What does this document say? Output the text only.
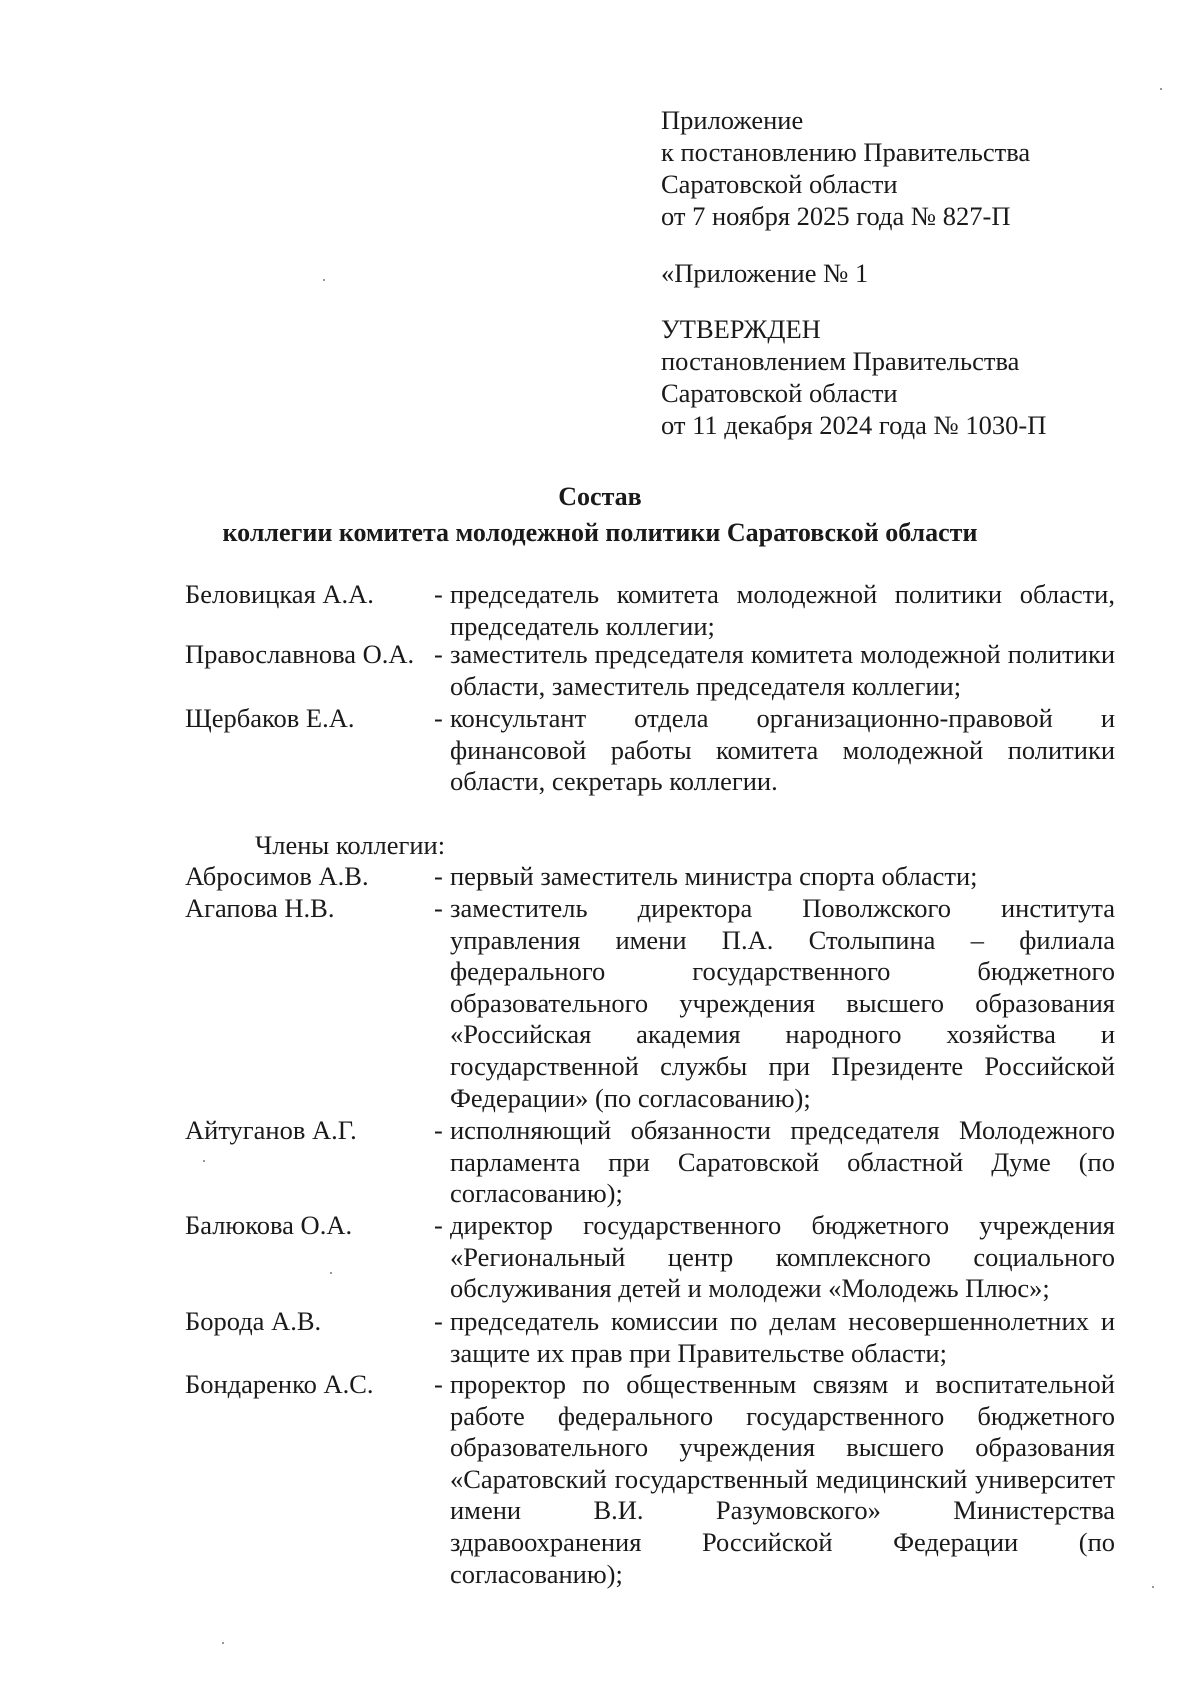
Приложение

к постановлению Правительства

Саратовской области

от 7 ноября 2025 года № 827-П

«Приложение № 1

УТВЕРЖДЕН

постановлением Правительства

Саратовской области

от 11 декабря 2024 года № 1030-П

Состав
коллегии комитета молодежной политики Саратовской области
Беловицкая А.А. - председатель комитета молодежной политики области, председатель коллегии;
Православнова О.А. - заместитель председателя комитета молодежной политики области, заместитель председателя коллегии;
Щербаков Е.А.	- консультант отдела организационно-правовой и финансовой работы комитета молодежной политики области, секретарь коллегии.
Члены коллегии:
Абросимов А.В. - первый заместитель министра спорта области;
Агапова Н.В.	- заместитель директора Поволжского института управления имени П.А. Столыпина – филиала федерального государственного бюджетного образовательного учреждения высшего образования «Российская академия народного хозяйства и государственной службы при Президенте Российской Федерации» (по согласованию);
Айтуганов А.Г.	- исполняющий обязанности председателя Молодежного парламента при Саратовской областной Думе (по согласованию);
Балюкова О.А.	- директор государственного бюджетного учреждения «Региональный центр комплексного социального обслуживания детей и молодежи «Молодежь Плюс»;
Борода А.В.	- председатель комиссии по делам несовершеннолетних и защите их прав при Правительстве области;
Бондаренко А.С. - проректор по общественным связям и воспитательной работе федерального государственного бюджетного образовательного учреждения высшего образования «Саратовский государственный медицинский университет имени В.И. Разумовского» Министерства здравоохранения Российской Федерации (по согласованию);
